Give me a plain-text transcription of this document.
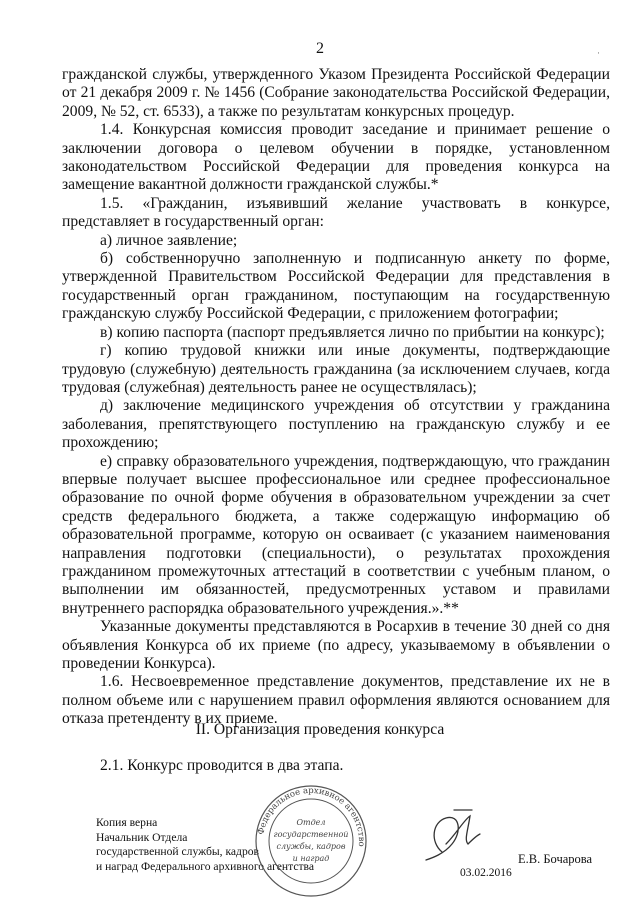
2	·

гражданской службы, утвержденного Указом Президента Российской Федерации от 21 декабря 2009 г. № 1456 (Собрание законодательства Российской Федерации, 2009, № 52, ст. 6533), а также по результатам конкурсных процедур.

1.4. Конкурсная комиссия проводит заседание и принимает решение о заключении договора о целевом обучении в порядке, установленном законодательством Российской Федерации для проведения конкурса на замещение вакантной должности гражданской службы.*

1.5. «Гражданин, изъявивший желание участвовать в конкурсе, представляет в государственный орган:

а) личное заявление;

б) собственноручно заполненную и подписанную анкету по форме, утвержденной Правительством Российской Федерации для представления в государственный орган гражданином, поступающим на государственную гражданскую службу Российской Федерации, с приложением фотографии;

в) копию паспорта (паспорт предъявляется лично по прибытии на конкурс);

г) копию трудовой книжки или иные документы, подтверждающие трудовую (служебную) деятельность гражданина (за исключением случаев, когда трудовая (служебная) деятельность ранее не осуществлялась);

д) заключение медицинского учреждения об отсутствии у гражданина заболевания, препятствующего поступлению на гражданскую службу и ее прохождению;

е) справку образовательного учреждения, подтверждающую, что гражданин впервые получает высшее профессиональное или среднее профессиональное образование по очной форме обучения в образовательном учреждении за счет средств федерального бюджета, а также содержащую информацию об образовательной программе, которую он осваивает (с указанием наименования направления подготовки (специальности), о результатах прохождения гражданином промежуточных аттестаций в соответствии с учебным планом, о выполнении им обязанностей, предусмотренных уставом и правилами внутреннего распорядка образовательного учреждения.».**

Указанные документы представляются в Росархив в течение 30 дней со дня объявления Конкурса об их приеме (по адресу, указываемому в объявлении о проведении Конкурса).

1.6. Несвоевременное представление документов, представление их не в полном объеме или с нарушением правил оформления являются основанием для отказа претенденту в их приеме.

II. Организация проведения конкурса
2.1. Конкурс проводится в два этапа.
Копия верна
Начальник Отдела
государственной службы, кадров
и наград Федерального архивного агентства
Федеральное архивное агентство
Отдел
государственной
службы, кадров
и наград	Е.В. Бочарова
03.02.2016
